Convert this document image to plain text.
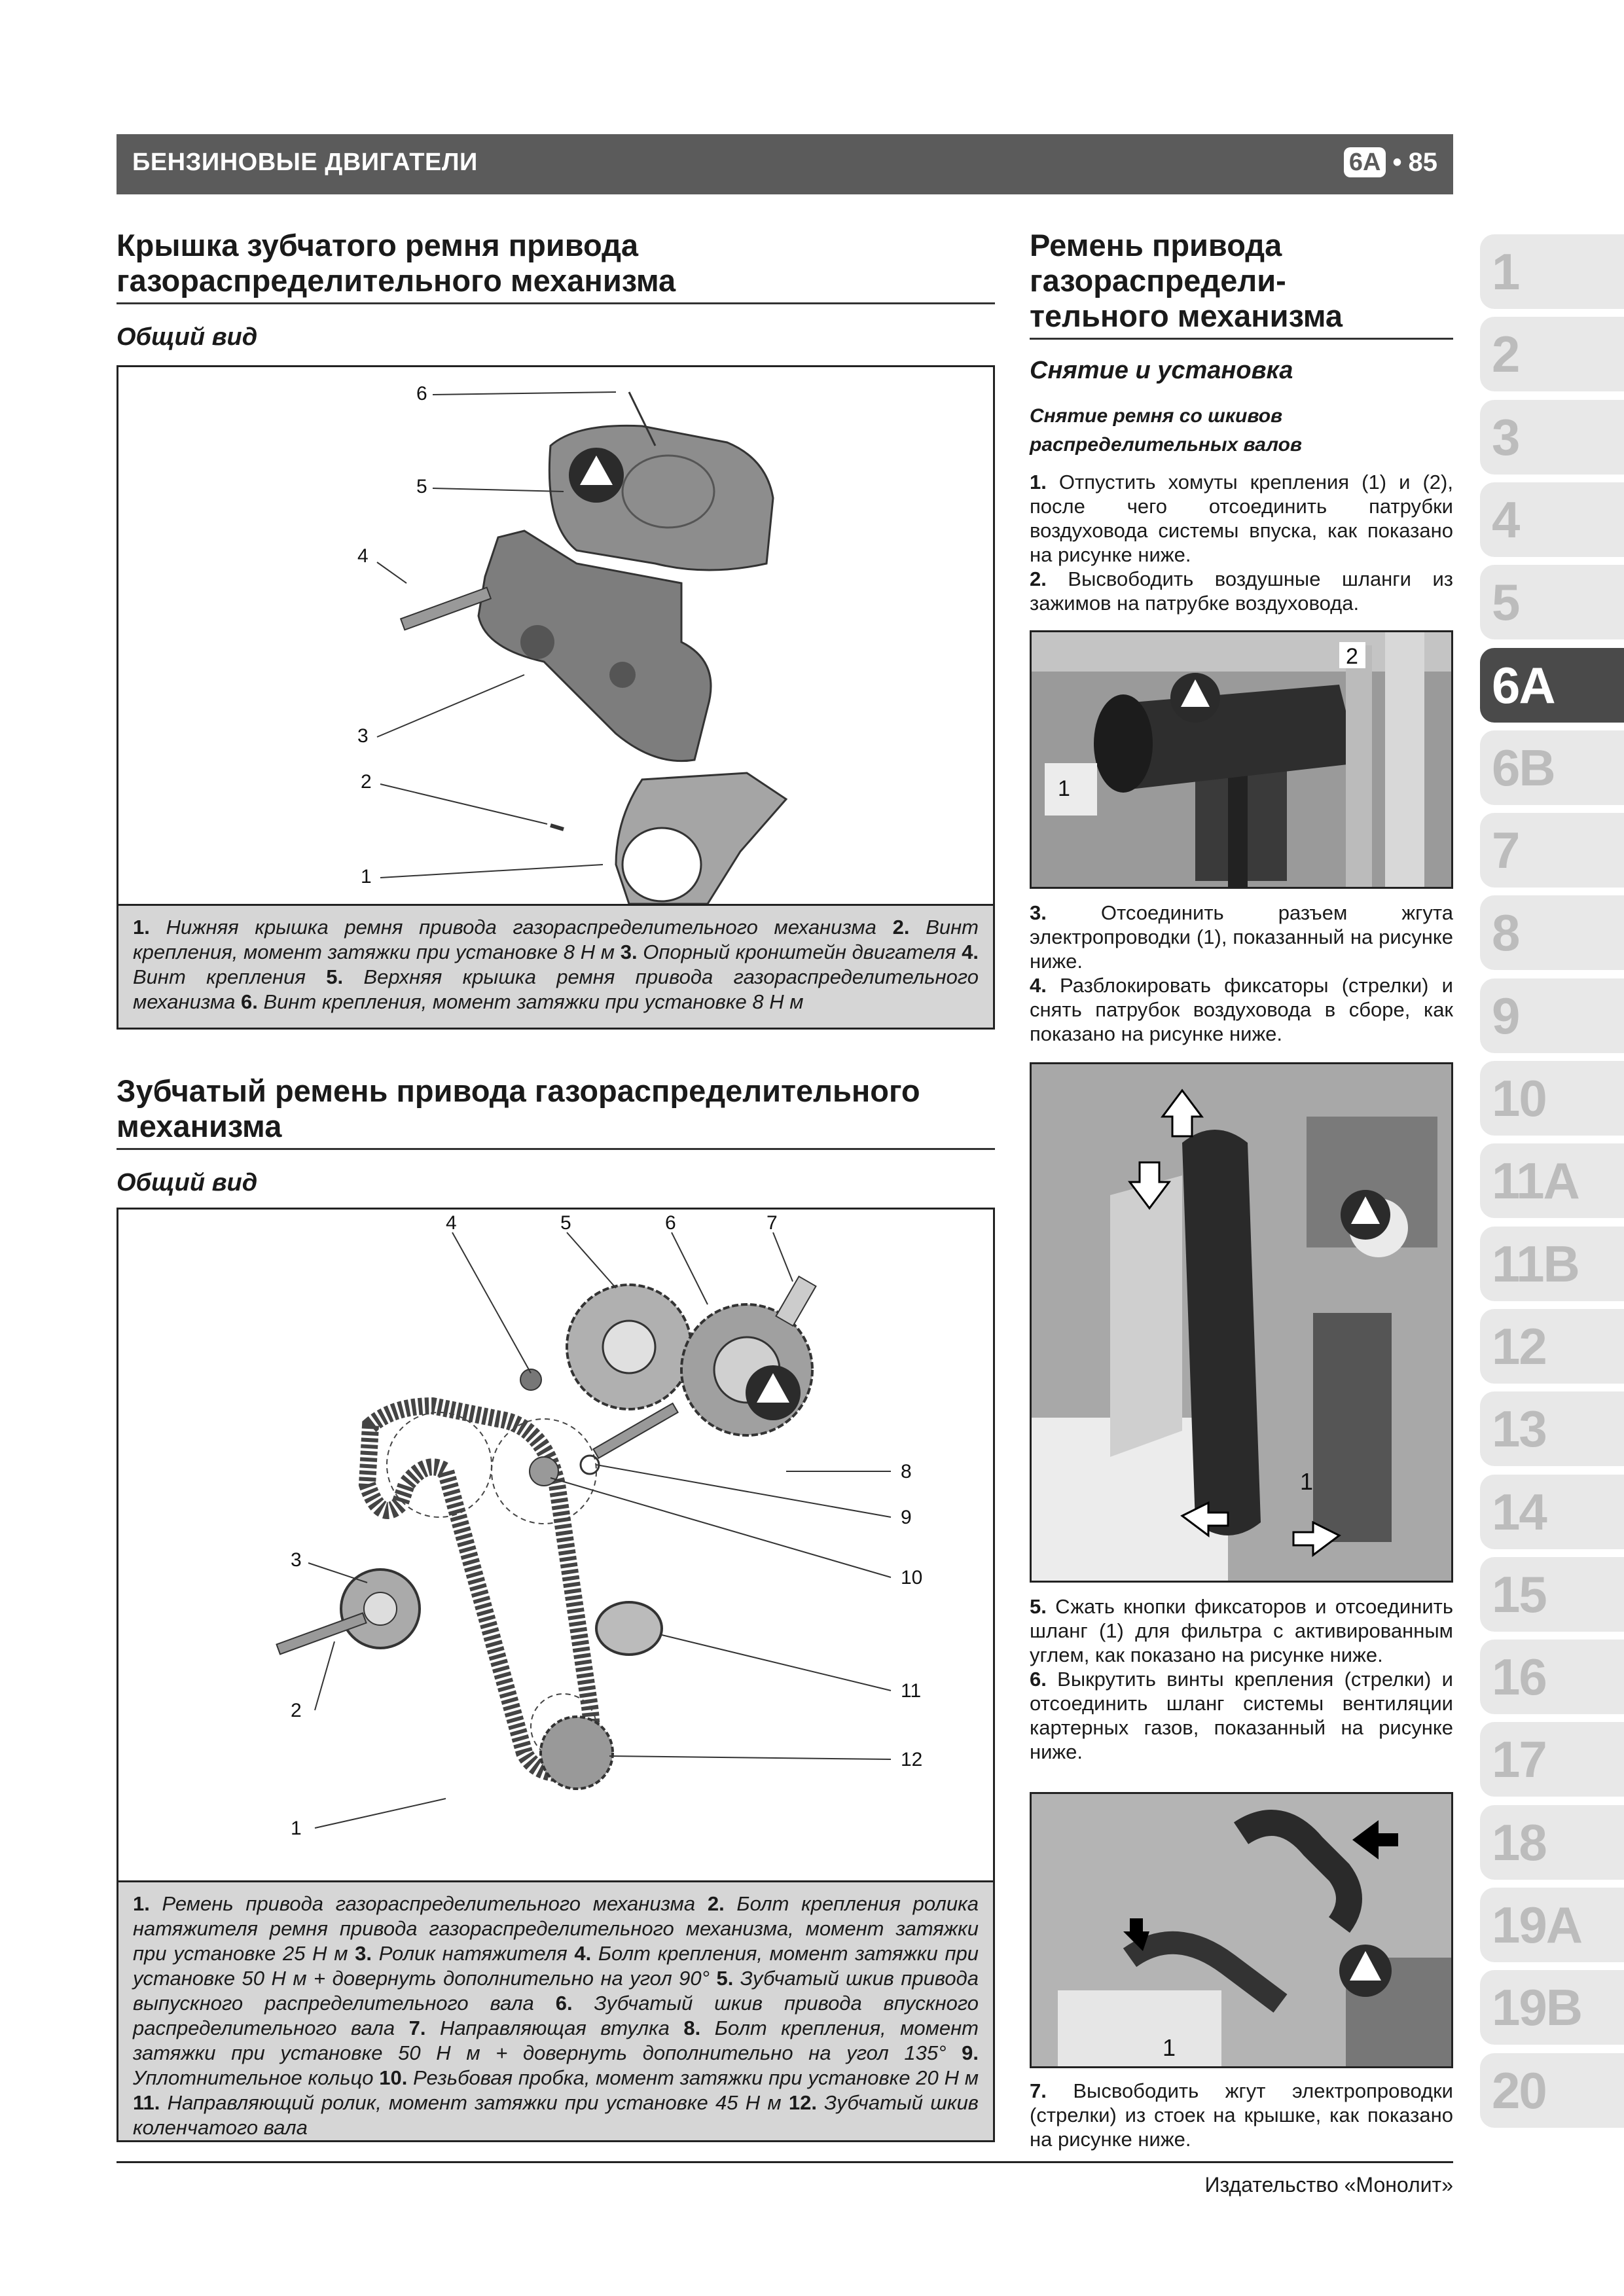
БЕНЗИНОВЫЕ ДВИГАТЕЛИ	6А • 85
Крышка зубчатого ремня привода
газораспределительного механизма
Общий вид
6
5
4
3
2
1
1. Нижняя крышка ремня привода газораспределительного механизма 2. Винт крепления, момент затяжки при установке 8 Н м 3. Опорный кронштейн двигателя 4. Винт крепления 5. Верхняя крышка ремня привода газораспределительного механизма 6. Винт крепления, момент затяжки при установке 8 Н м
Зубчатый ремень привода газораспределительного
механизма
Общий вид
4	5	6	7
8
9
10
3
2
11
12
1
1. Ремень привода газораспределительного механизма 2. Болт крепления ролика натяжителя ремня привода газораспределительного механизма, момент затяжки при установке 25 Н м 3. Ролик натяжителя 4. Болт крепления, момент затяжки при установке 50 Н м + довернуть дополнительно на угол 90° 5. Зубчатый шкив привода выпускного распределительного вала 6. Зубчатый шкив привода впускного распределительного вала 7. Направляющая втулка 8. Болт крепления, момент затяжки при установке 50 Н м + довернуть дополнительно на угол 135° 9. Уплотнительное кольцо 10. Резьбовая пробка, момент затяжки при установке 20 Н м 11. Направляющий ролик, момент затяжки при установке 45 Н м 12. Зубчатый шкив коленчатого вала
Ремень привода
газораспредели-
тельного механизма
Снятие и установка
Снятие ремня со шкивов
распределительных валов

1. Отпустить хомуты крепления (1) и (2), после чего отсоединить патрубки воздуховода системы впуска, как показано на рисунке ниже.

2. Высвободить воздушные шланги из зажимов на патрубке воздуховода.

1
2

3. Отсоединить разъем жгута электропроводки (1), показанный на рисунке ниже.

4. Разблокировать фиксаторы (стрелки) и снять патрубок воздуховода в сборе, как показано на рисунке ниже.

1

5. Сжать кнопки фиксаторов и отсоединить шланг (1) для фильтра с активированным углем, как показано на рисунке ниже.

6. Выкрутить винты крепления (стрелки) и отсоединить шланг системы вентиляции картерных газов, показанный на рисунке ниже.

1

7. Высвободить жгут электропроводки (стрелки) из стоек на крышке, как показано на рисунке ниже.

Издательство «Монолит»
1
2
3
4
5
6A
6B
7
8
9
10
11A
11B
12
13
14
15
16
17
18
19A
19B
20
